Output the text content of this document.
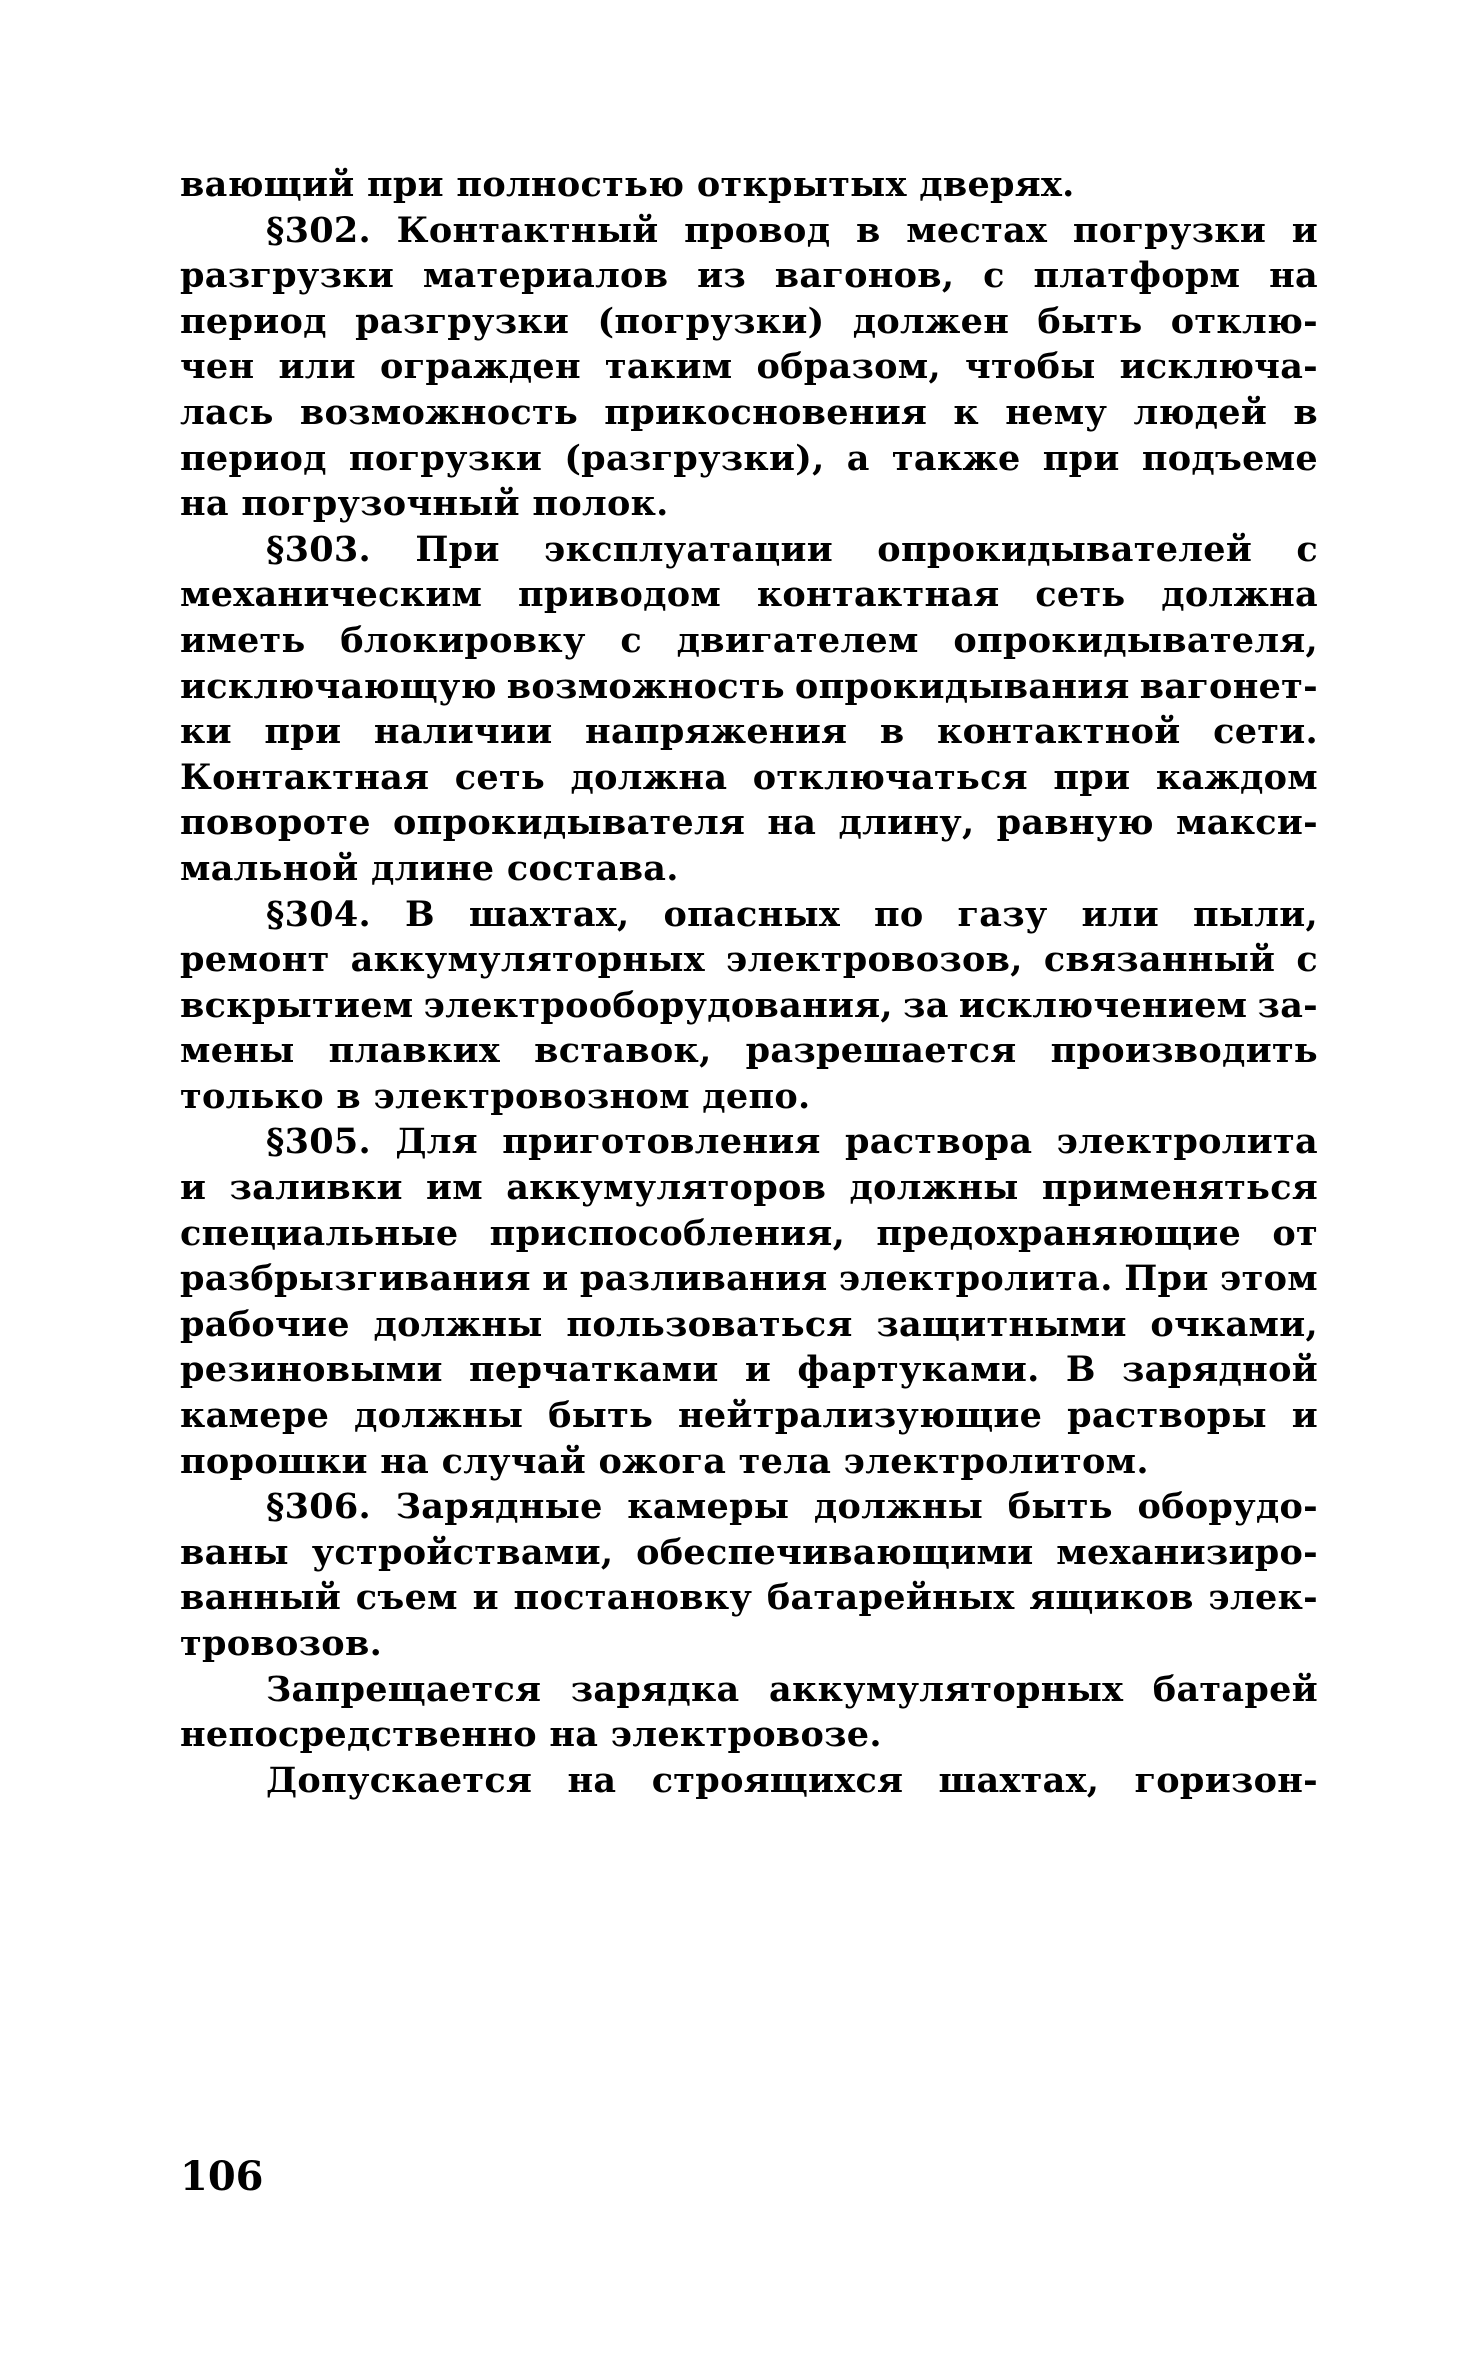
вающий при полностью открытых дверях.
§302. Контактный провод в местах погрузки и
разгрузки материалов из вагонов, с платформ на
период разгрузки (погрузки) должен быть отклю-
чен или огражден таким образом, чтобы исключа-
лась возможность прикосновения к нему людей в
период погрузки (разгрузки), а также при подъеме
на погрузочный полок.
§303. При эксплуатации опрокидывателей с
механическим приводом контактная сеть должна
иметь блокировку с двигателем опрокидывателя,
исключающую возможность опрокидывания вагонет-
ки при наличии напряжения в контактной сети.
Контактная сеть должна отключаться при каждом
повороте опрокидывателя на длину, равную макси-
мальной длине состава.
§304. В шахтах, опасных по газу или пыли,
ремонт аккумуляторных электровозов, связанный с
вскрытием электрооборудования, за исключением за-
мены плавких вставок, разрешается производить
только в электровозном депо.
§305. Для приготовления раствора электролита
и заливки им аккумуляторов должны применяться
специальные приспособления, предохраняющие от
разбрызгивания и разливания электролита. При этом
рабочие должны пользоваться защитными очками,
резиновыми перчатками и фартуками. В зарядной
камере должны быть нейтрализующие растворы и
порошки на случай ожога тела электролитом.
§306. Зарядные камеры должны быть оборудо-
ваны устройствами, обеспечивающими механизиро-
ванный съем и постановку батарейных ящиков элек-
тровозов.
Запрещается зарядка аккумуляторных батарей
непосредственно на электровозе.
Допускается на строящихся шахтах, горизон-
106
